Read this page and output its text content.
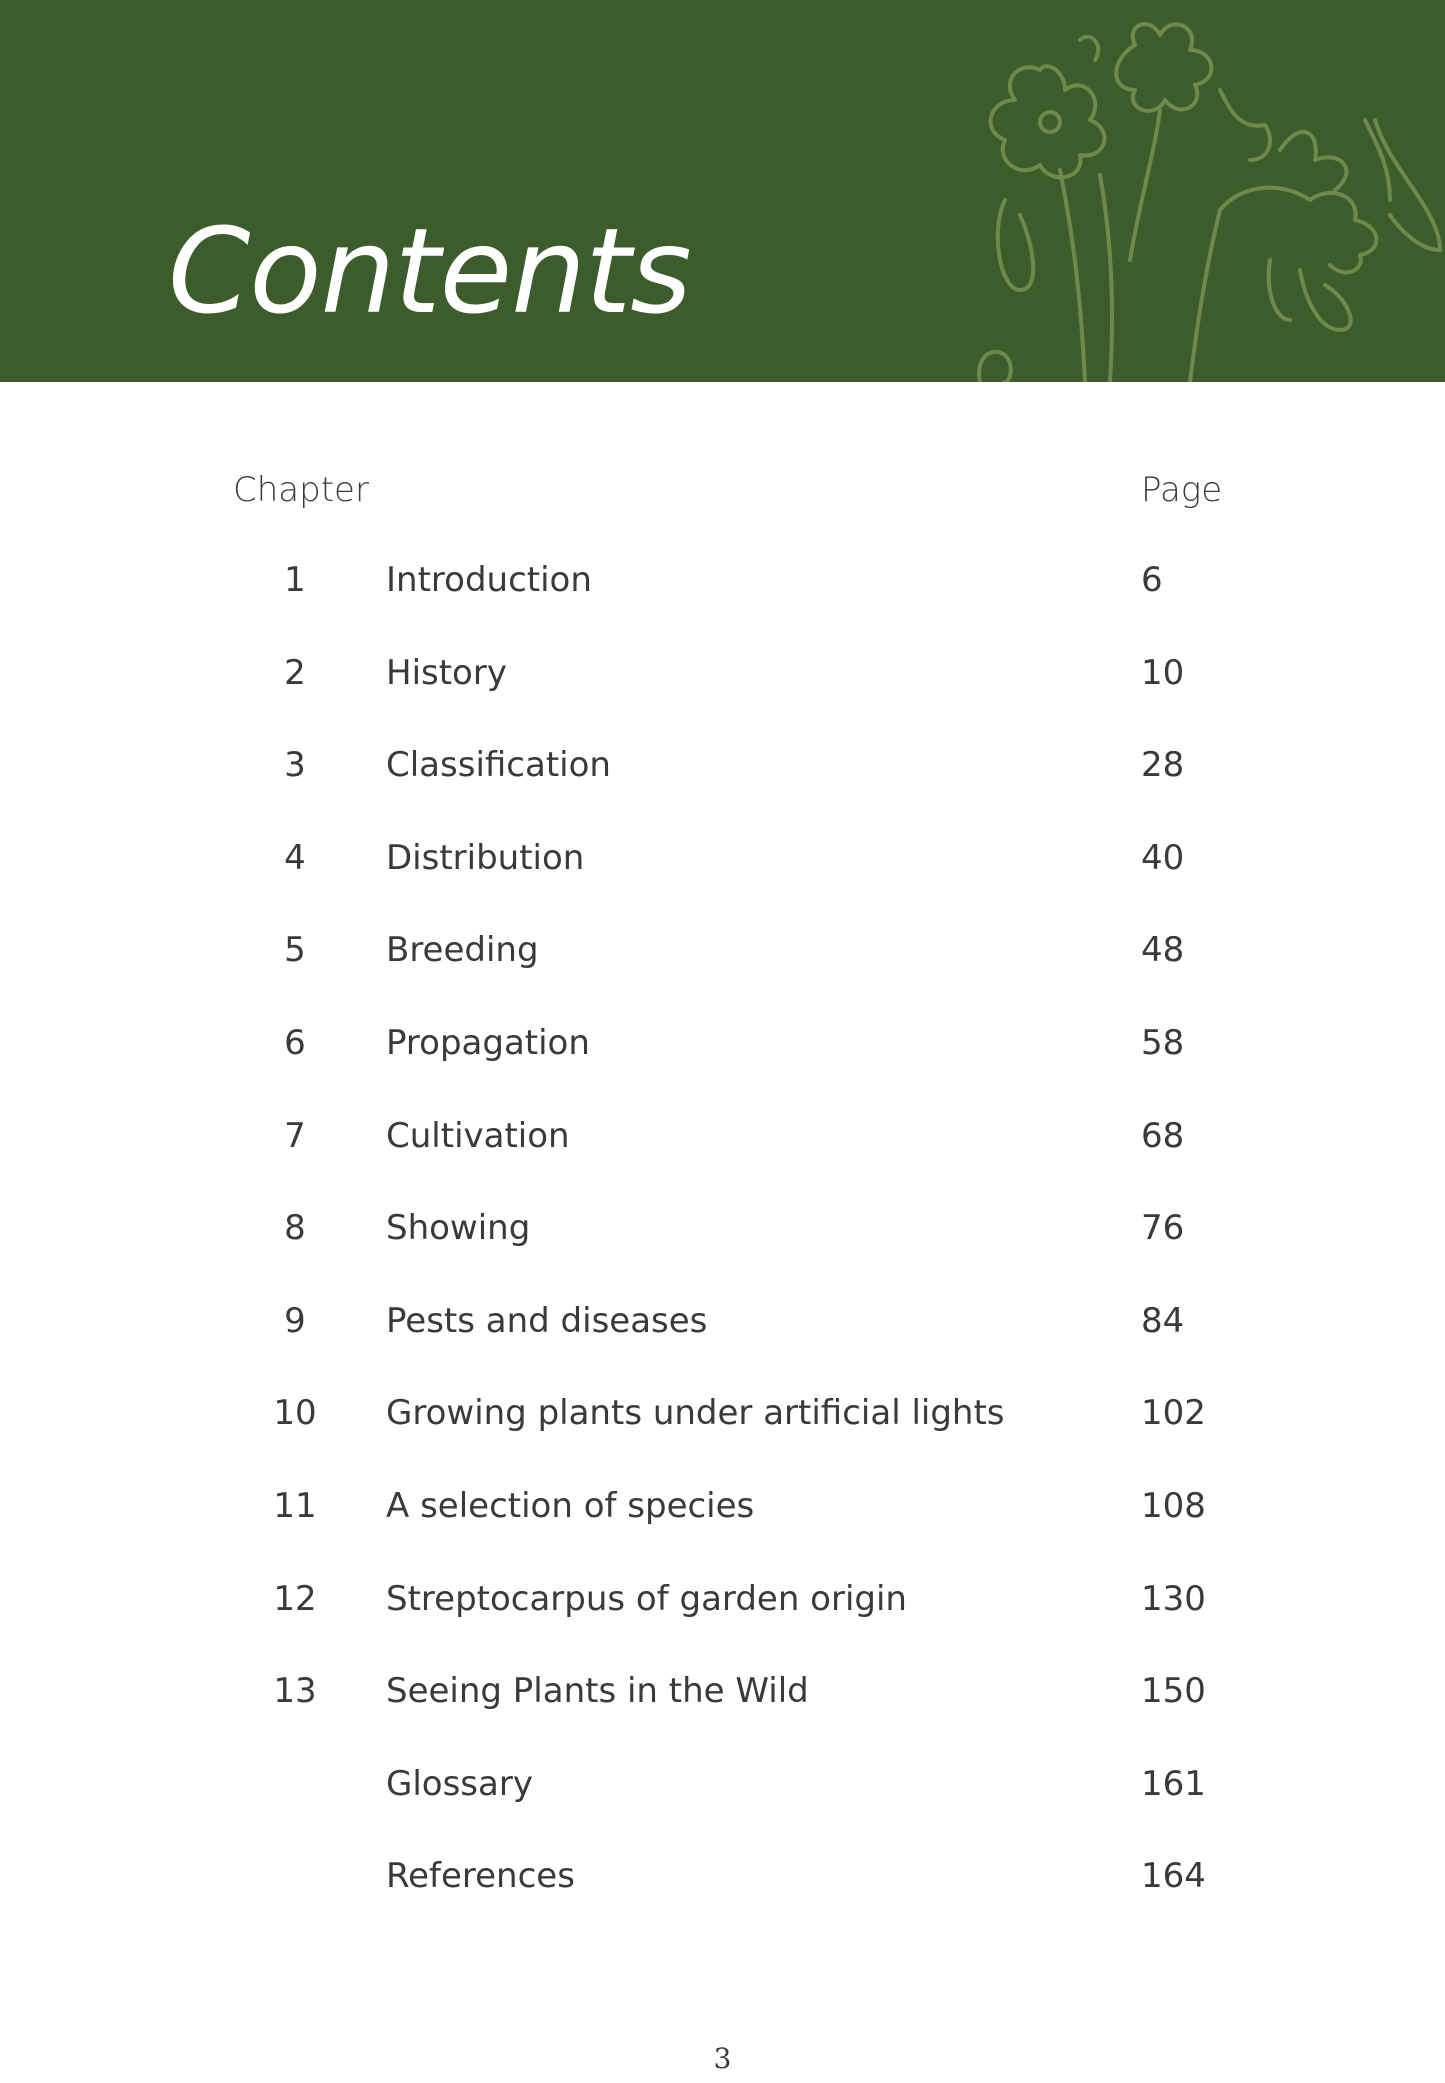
Contents
Chapter	Page
1	Introduction	6
2	History	10
3	Classification	28
4	Distribution	40
5	Breeding	48
6	Propagation	58
7	Cultivation	68
8	Showing	76
9	Pests and diseases	84
10	Growing plants under artificial lights	102
11	A selection of species	108
12	Streptocarpus of garden origin	130
13	Seeing Plants in the Wild	150
Glossary	161
References	164
3
